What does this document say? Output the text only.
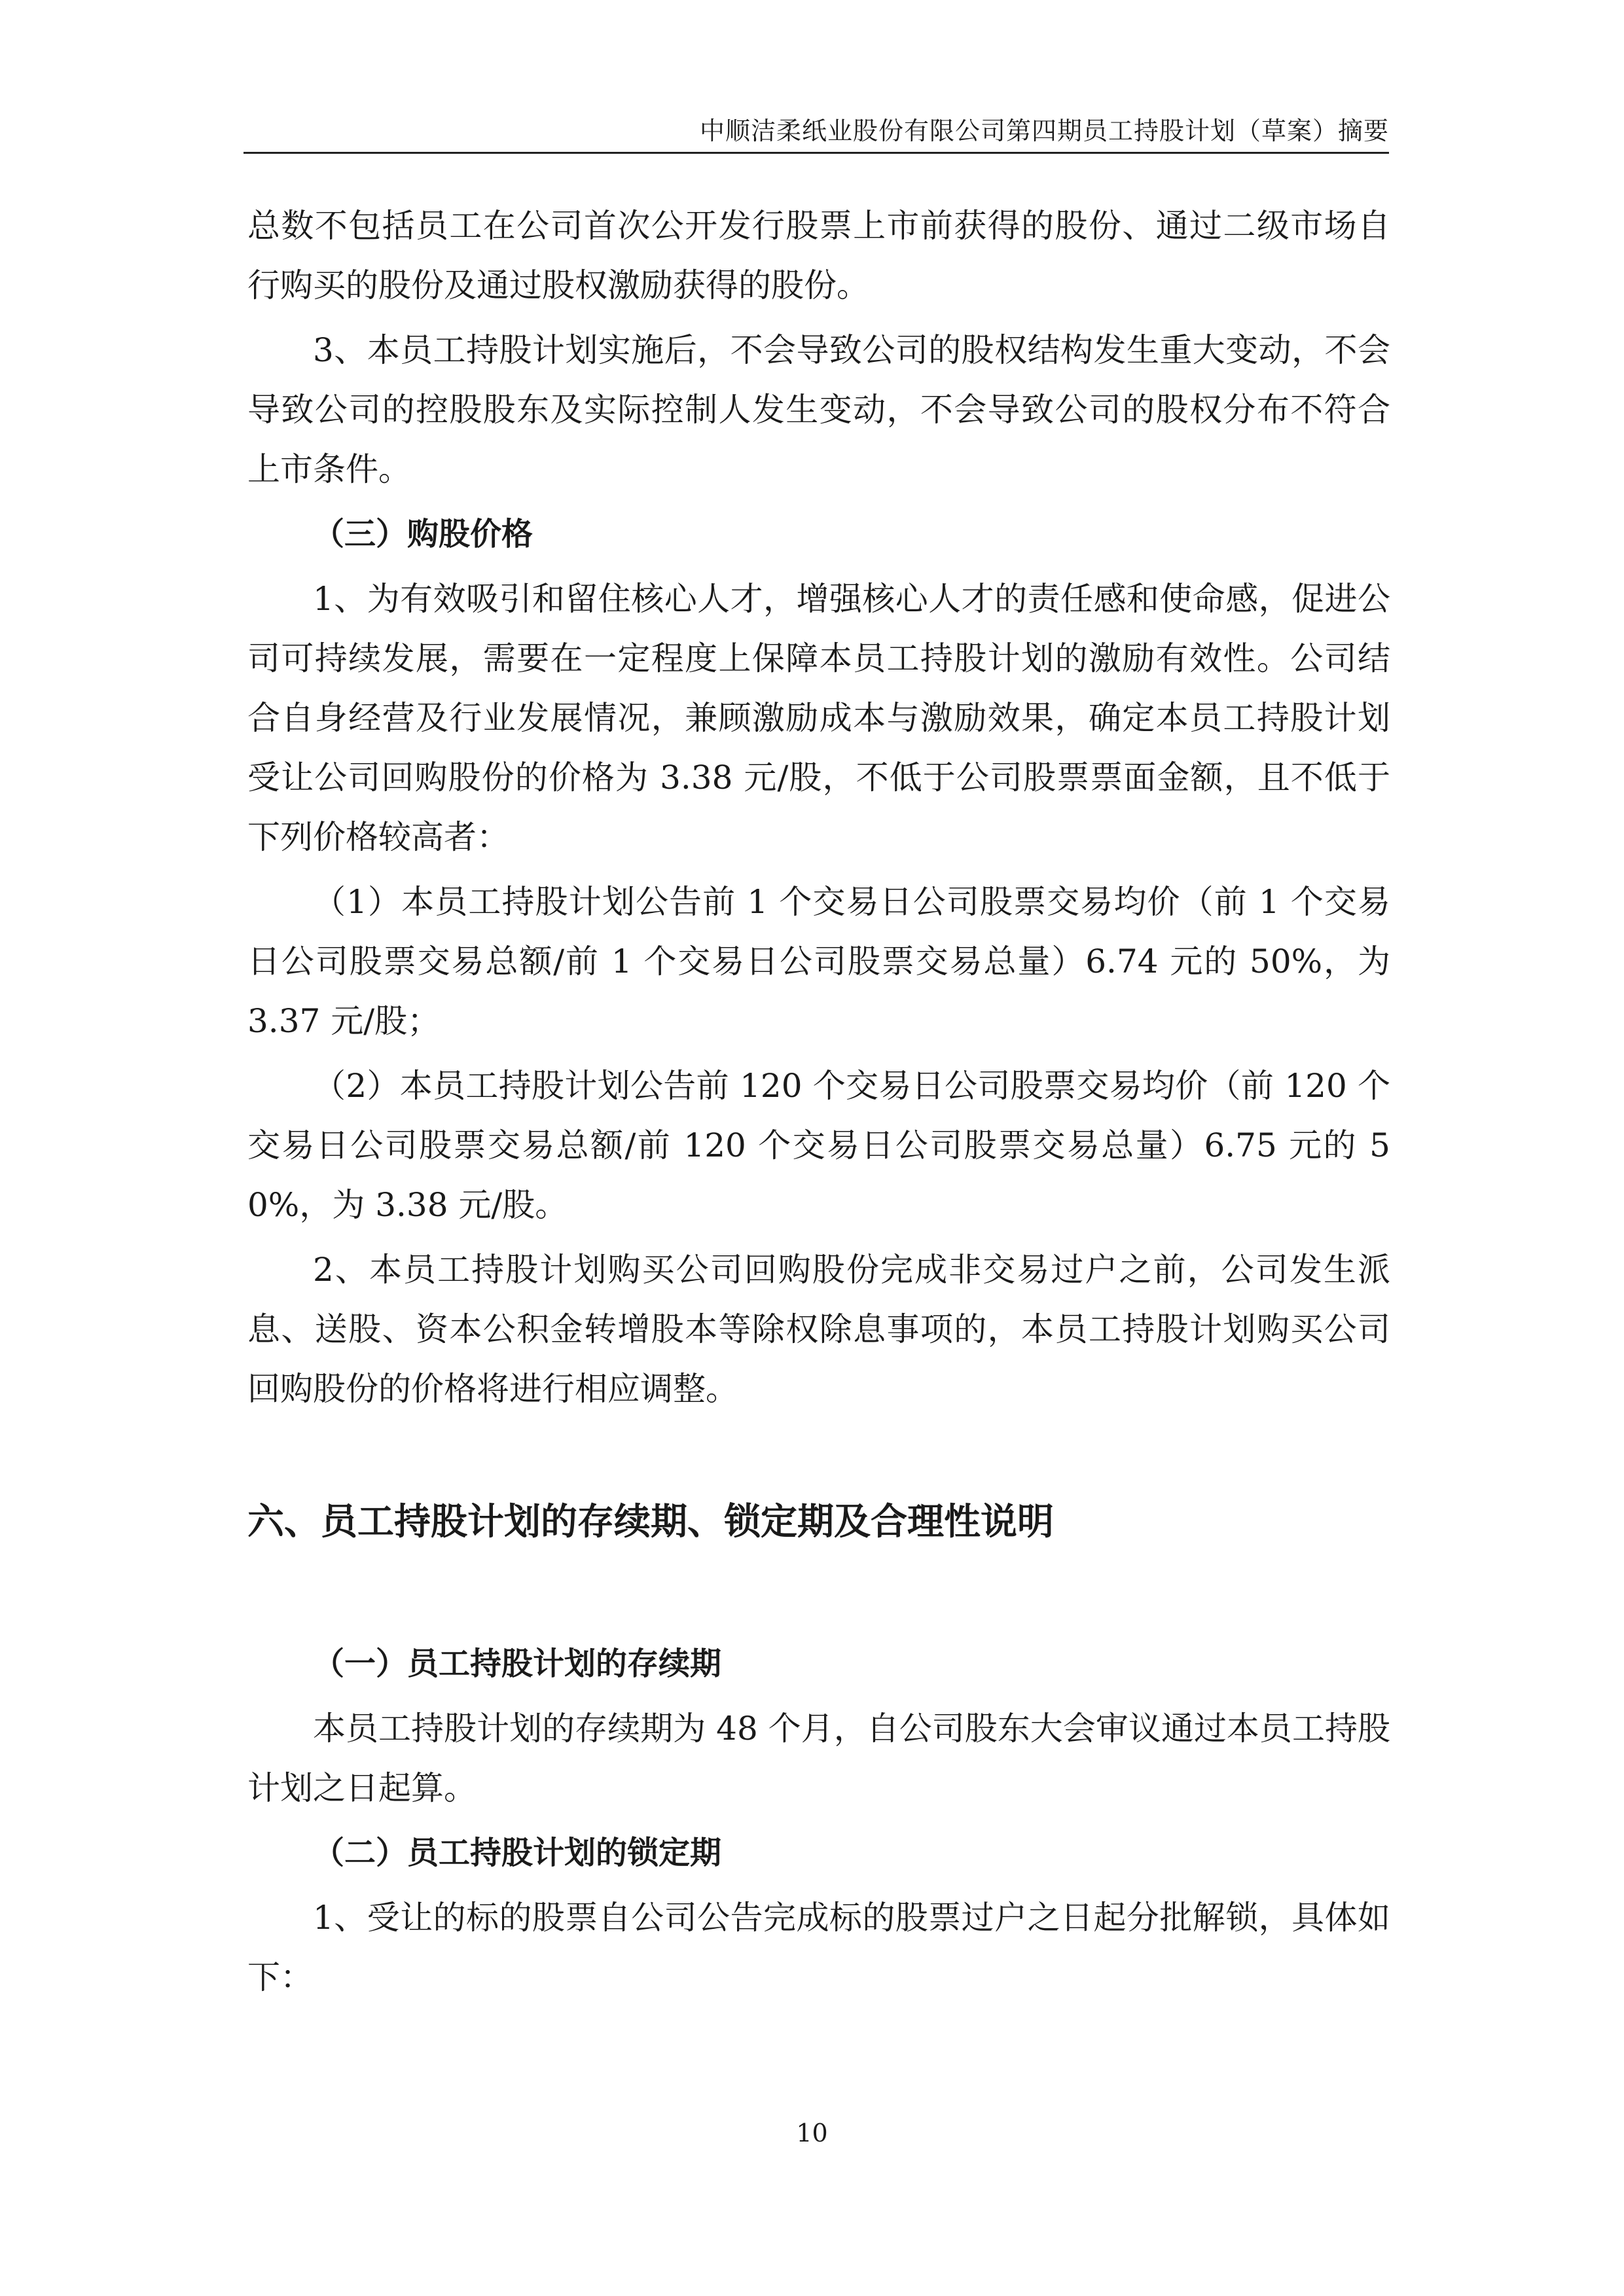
中顺洁柔纸业股份有限公司第四期员工持股计划（草案）摘要

总数不包括员工在公司首次公开发行股票上市前获得的股份、通过二级市场自行购买的股份及通过股权激励获得的股份。

3、本员工持股计划实施后，不会导致公司的股权结构发生重大变动，不会导致公司的控股股东及实际控制人发生变动，不会导致公司的股权分布不符合上市条件。

（三）购股价格

1、为有效吸引和留住核心人才，增强核心人才的责任感和使命感，促进公司可持续发展，需要在一定程度上保障本员工持股计划的激励有效性。公司结合自身经营及行业发展情况，兼顾激励成本与激励效果，确定本员工持股计划受让公司回购股份的价格为 3.38 元/股，不低于公司股票票面金额，且不低于下列价格较高者：

（1）本员工持股计划公告前 1 个交易日公司股票交易均价（前 1 个交易日公司股票交易总额/前 1 个交易日公司股票交易总量）6.74 元的 50%，为 3.37 元/股；

（2）本员工持股计划公告前 120 个交易日公司股票交易均价（前 120 个交易日公司股票交易总额/前 120 个交易日公司股票交易总量）6.75 元的 50%，为 3.38 元/股。

2、本员工持股计划购买公司回购股份完成非交易过户之前，公司发生派息、送股、资本公积金转增股本等除权除息事项的，本员工持股计划购买公司回购股份的价格将进行相应调整。

六、员工持股计划的存续期、锁定期及合理性说明

（一）员工持股计划的存续期

本员工持股计划的存续期为 48 个月，自公司股东大会审议通过本员工持股计划之日起算。

（二）员工持股计划的锁定期

1、受让的标的股票自公司公告完成标的股票过户之日起分批解锁，具体如下：

10
